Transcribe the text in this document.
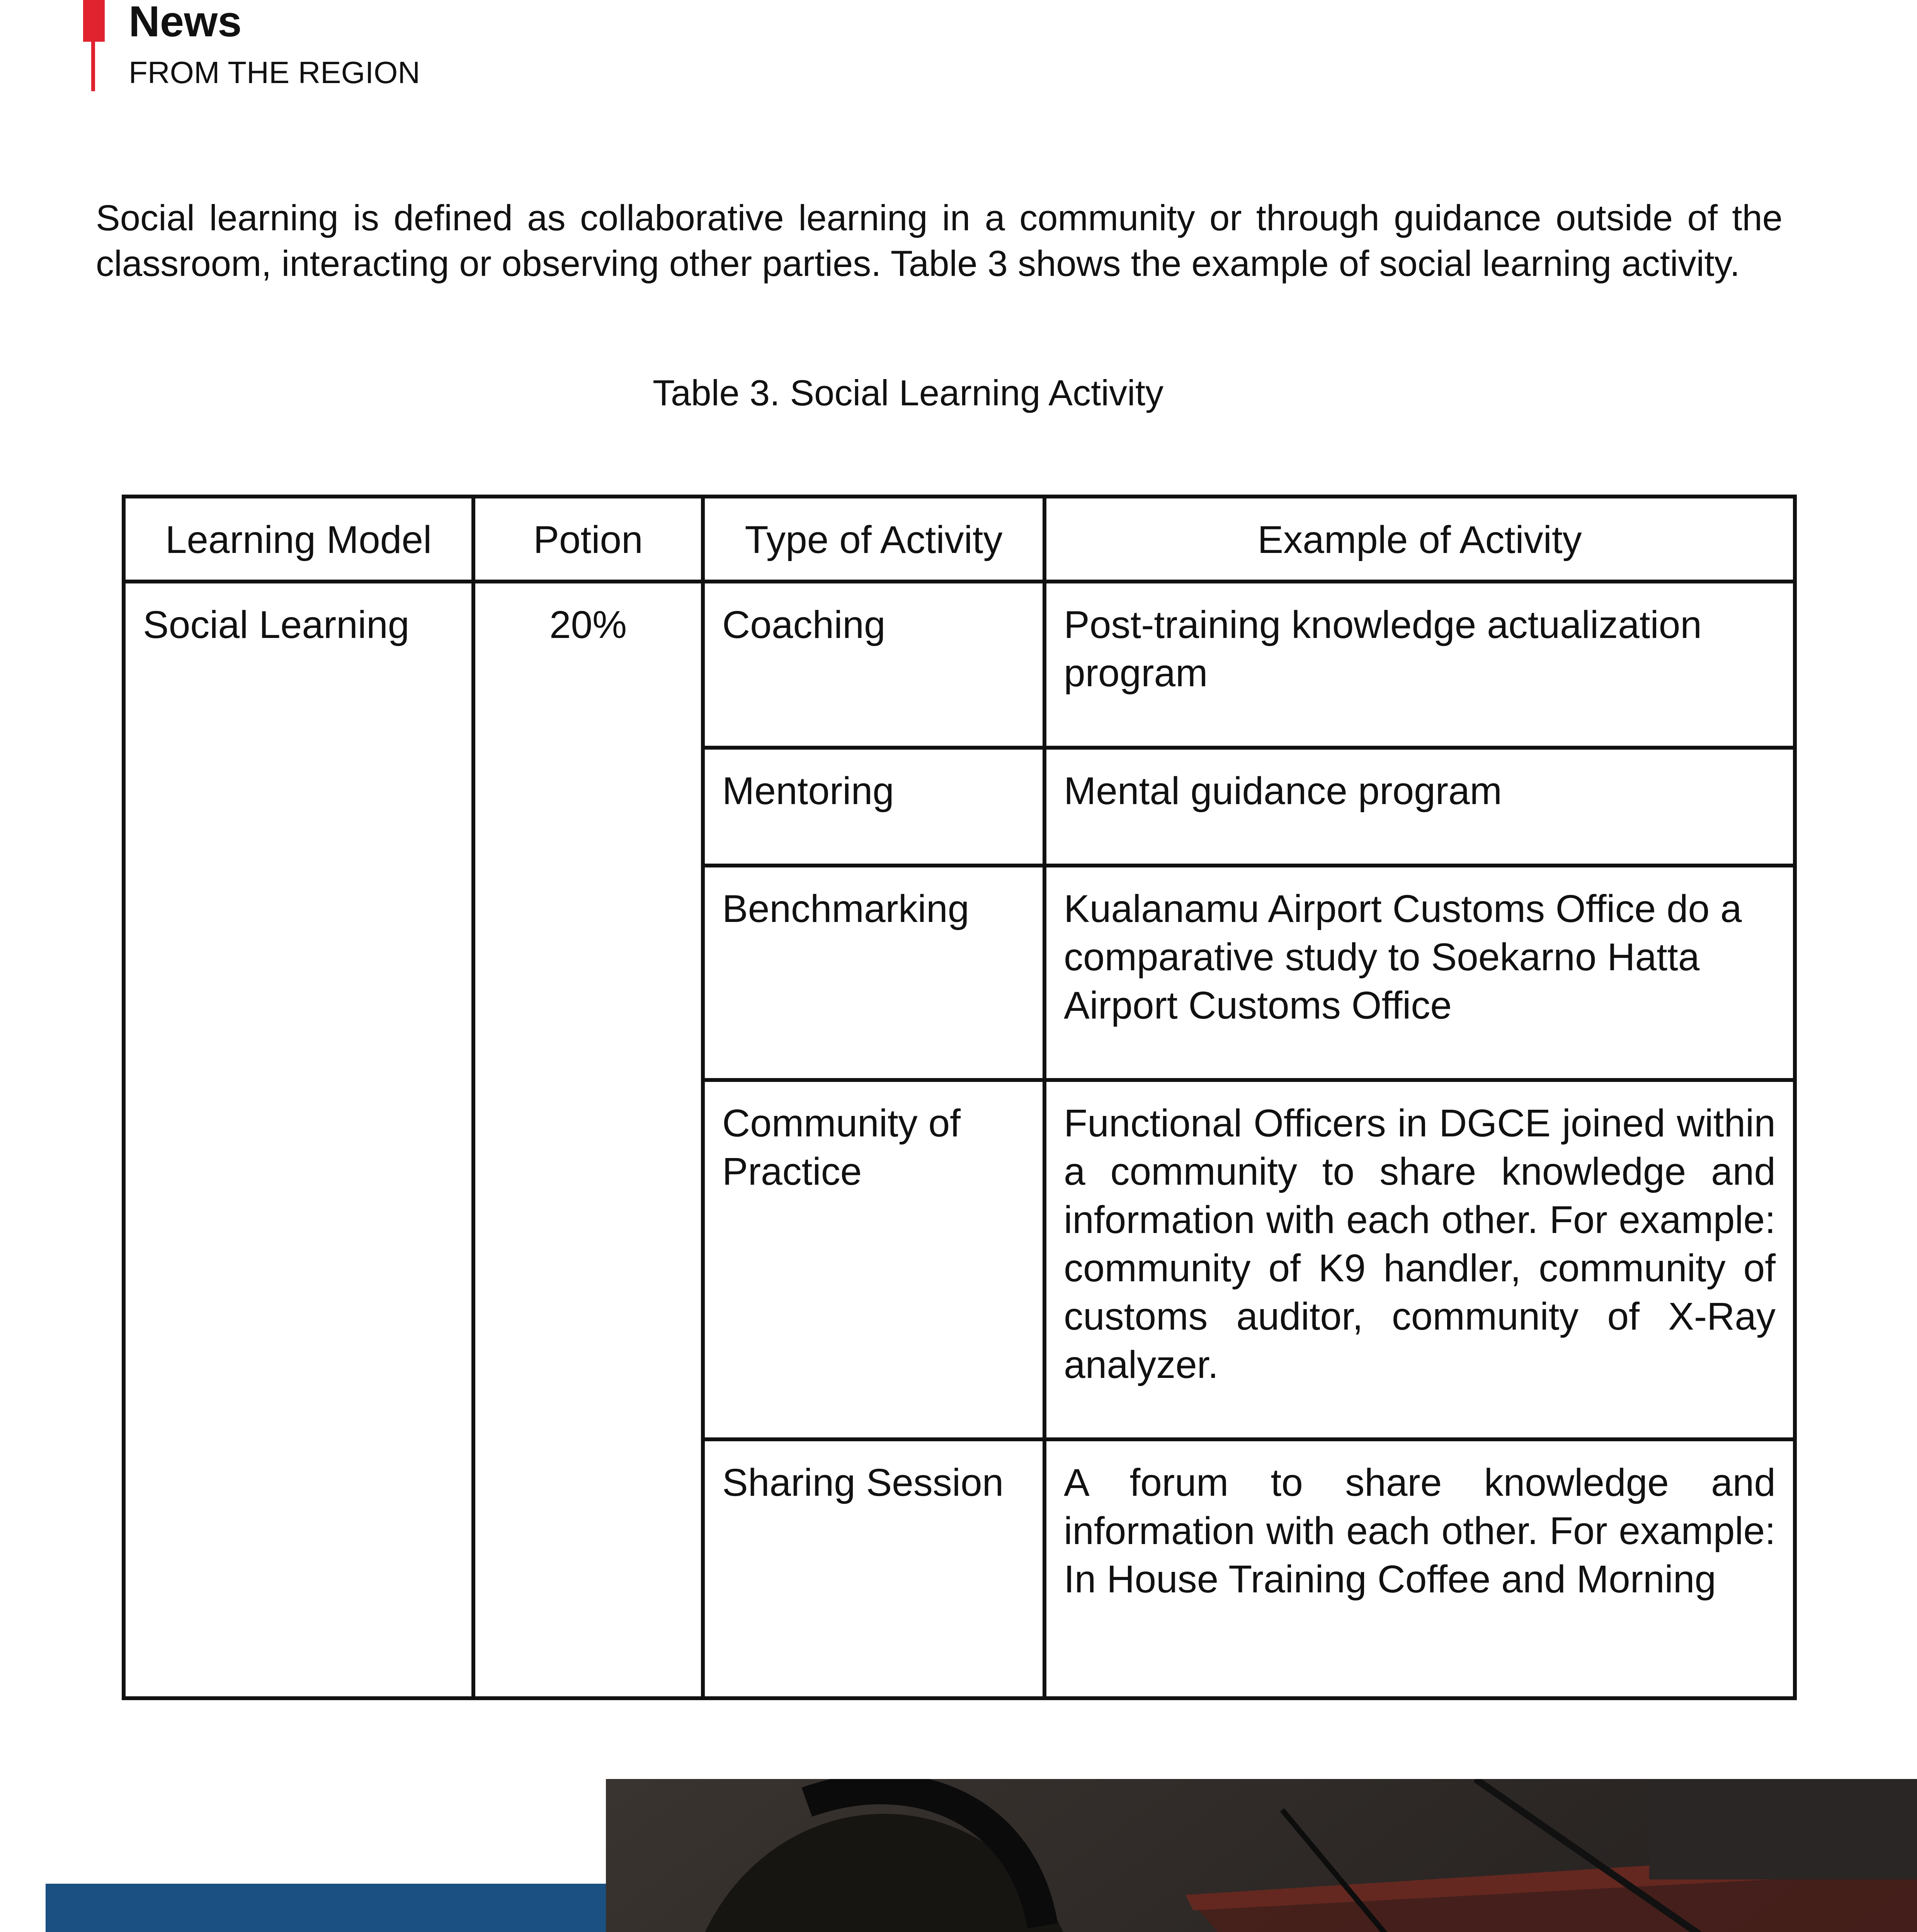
News
FROM THE REGION

Social learning is defined as collaborative learning in a community or through guidance outside of the classroom, interacting or observing other parties. Table 3 shows the example of social learning activity.

Table 3. Social Learning Activity
Learning Model	Potion	Type of Activity	Example of Activity
Social Learning	20%	Coaching	Post-training knowledge actualization program
		Mentoring	Mental guidance program
		Benchmarking	Kualanamu Airport Customs Office do a comparative study to Soekarno Hatta Airport Customs Office
		Community of Practice	Functional Officers in DGCE joined within a community to share knowledge and information with each other. For example: community of K9 handler, community of customs auditor, community of X-Ray analyzer.
		Sharing Session	A forum to share knowledge and information with each other. For example: In House Training Coffee and Morning
